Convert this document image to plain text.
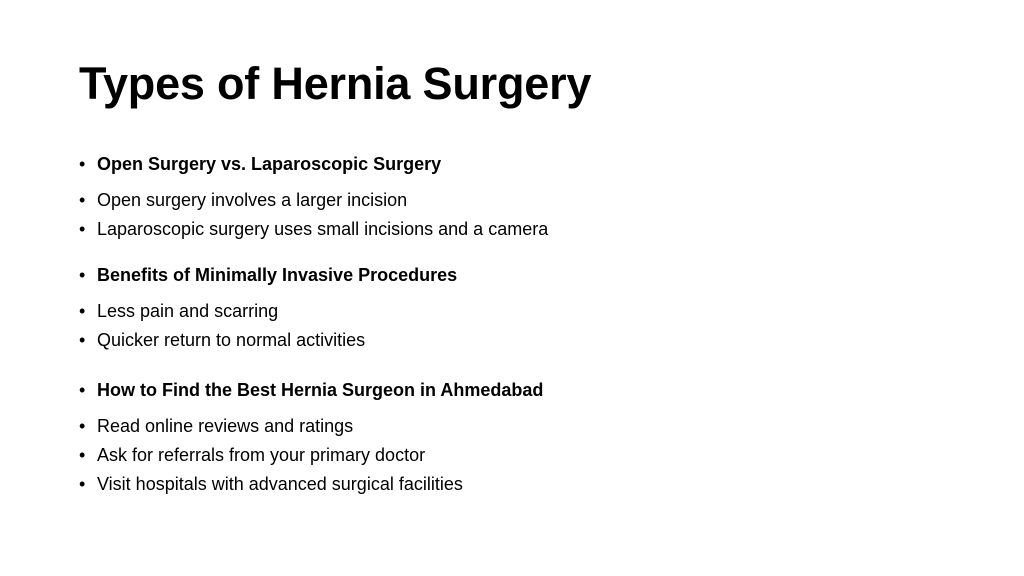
Types of Hernia Surgery
• Open Surgery vs. Laparoscopic Surgery
• Open surgery involves a larger incision
• Laparoscopic surgery uses small incisions and a camera
• Benefits of Minimally Invasive Procedures
• Less pain and scarring
• Quicker return to normal activities
• How to Find the Best Hernia Surgeon in Ahmedabad
• Read online reviews and ratings
• Ask for referrals from your primary doctor
• Visit hospitals with advanced surgical facilities
